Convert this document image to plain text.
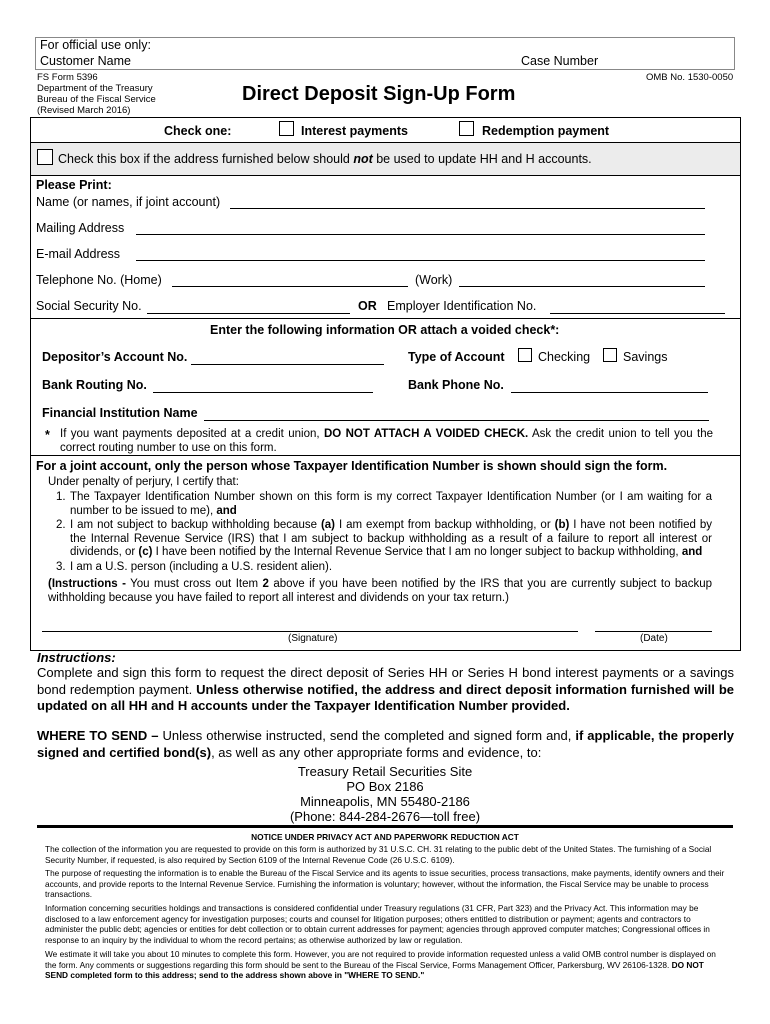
For official use only:
Customer Name	Case Number
FS Form 5396
Department of the Treasury
Bureau of the Fiscal Service
(Revised March 2016)
Direct Deposit Sign-Up Form
OMB No. 1530-0050
Check one:	Interest payments	Redemption payment
Check this box if the address furnished below should not be used to update HH and H accounts.
Please Print:
Name (or names, if joint account)
Mailing Address
E-mail Address
Telephone No. (Home)	(Work)
Social Security No.	OR Employer Identification No.
Enter the following information OR attach a voided check*:
Depositor’s Account No.	Type of Account	Checking	Savings
Bank Routing No.	Bank Phone No.
Financial Institution Name
* If you want payments deposited at a credit union, DO NOT ATTACH A VOIDED CHECK. Ask the credit union to tell you the correct routing number to use on this form.
For a joint account, only the person whose Taxpayer Identification Number is shown should sign the form.
Under penalty of perjury, I certify that:
1. The Taxpayer Identification Number shown on this form is my correct Taxpayer Identification Number (or I am waiting for a number to be issued to me), and
2. I am not subject to backup withholding because (a) I am exempt from backup withholding, or (b) I have not been notified by the Internal Revenue Service (IRS) that I am subject to backup withholding as a result of a failure to report all interest or dividends, or (c) I have been notified by the Internal Revenue Service that I am no longer subject to backup withholding, and
3. I am a U.S. person (including a U.S. resident alien).
(Instructions - You must cross out Item 2 above if you have been notified by the IRS that you are currently subject to backup withholding because you have failed to report all interest and dividends on your tax return.)
(Signature)	(Date)
Instructions:
Complete and sign this form to request the direct deposit of Series HH or Series H bond interest payments or a savings bond redemption payment. Unless otherwise notified, the address and direct deposit information furnished will be updated on all HH and H accounts under the Taxpayer Identification Number provided.
WHERE TO SEND – Unless otherwise instructed, send the completed and signed form and, if applicable, the properly signed and certified bond(s), as well as any other appropriate forms and evidence, to:
Treasury Retail Securities Site
PO Box 2186
Minneapolis, MN 55480-2186
(Phone: 844-284-2676—toll free)
NOTICE UNDER PRIVACY ACT AND PAPERWORK REDUCTION ACT
The collection of the information you are requested to provide on this form is authorized by 31 U.S.C. CH. 31 relating to the public debt of the United States. The furnishing of a Social Security Number, if requested, is also required by Section 6109 of the Internal Revenue Code (26 U.S.C. 6109).
The purpose of requesting the information is to enable the Bureau of the Fiscal Service and its agents to issue securities, process transactions, make payments, identify owners and their accounts, and provide reports to the Internal Revenue Service. Furnishing the information is voluntary; however, without the information, the Fiscal Service may be unable to process transactions.
Information concerning securities holdings and transactions is considered confidential under Treasury regulations (31 CFR, Part 323) and the Privacy Act. This information may be disclosed to a law enforcement agency for investigation purposes; courts and counsel for litigation purposes; others entitled to distribution or payment; agents and contractors to administer the public debt; agencies or entities for debt collection or to obtain current addresses for payment; agencies through approved computer matches; Congressional offices in response to an inquiry by the individual to whom the record pertains; as otherwise authorized by law or regulation.
We estimate it will take you about 10 minutes to complete this form. However, you are not required to provide information requested unless a valid OMB control number is displayed on the form. Any comments or suggestions regarding this form should be sent to the Bureau of the Fiscal Service, Forms Management Officer, Parkersburg, WV 26106-1328. DO NOT SEND completed form to this address; send to the address shown above in "WHERE TO SEND."
